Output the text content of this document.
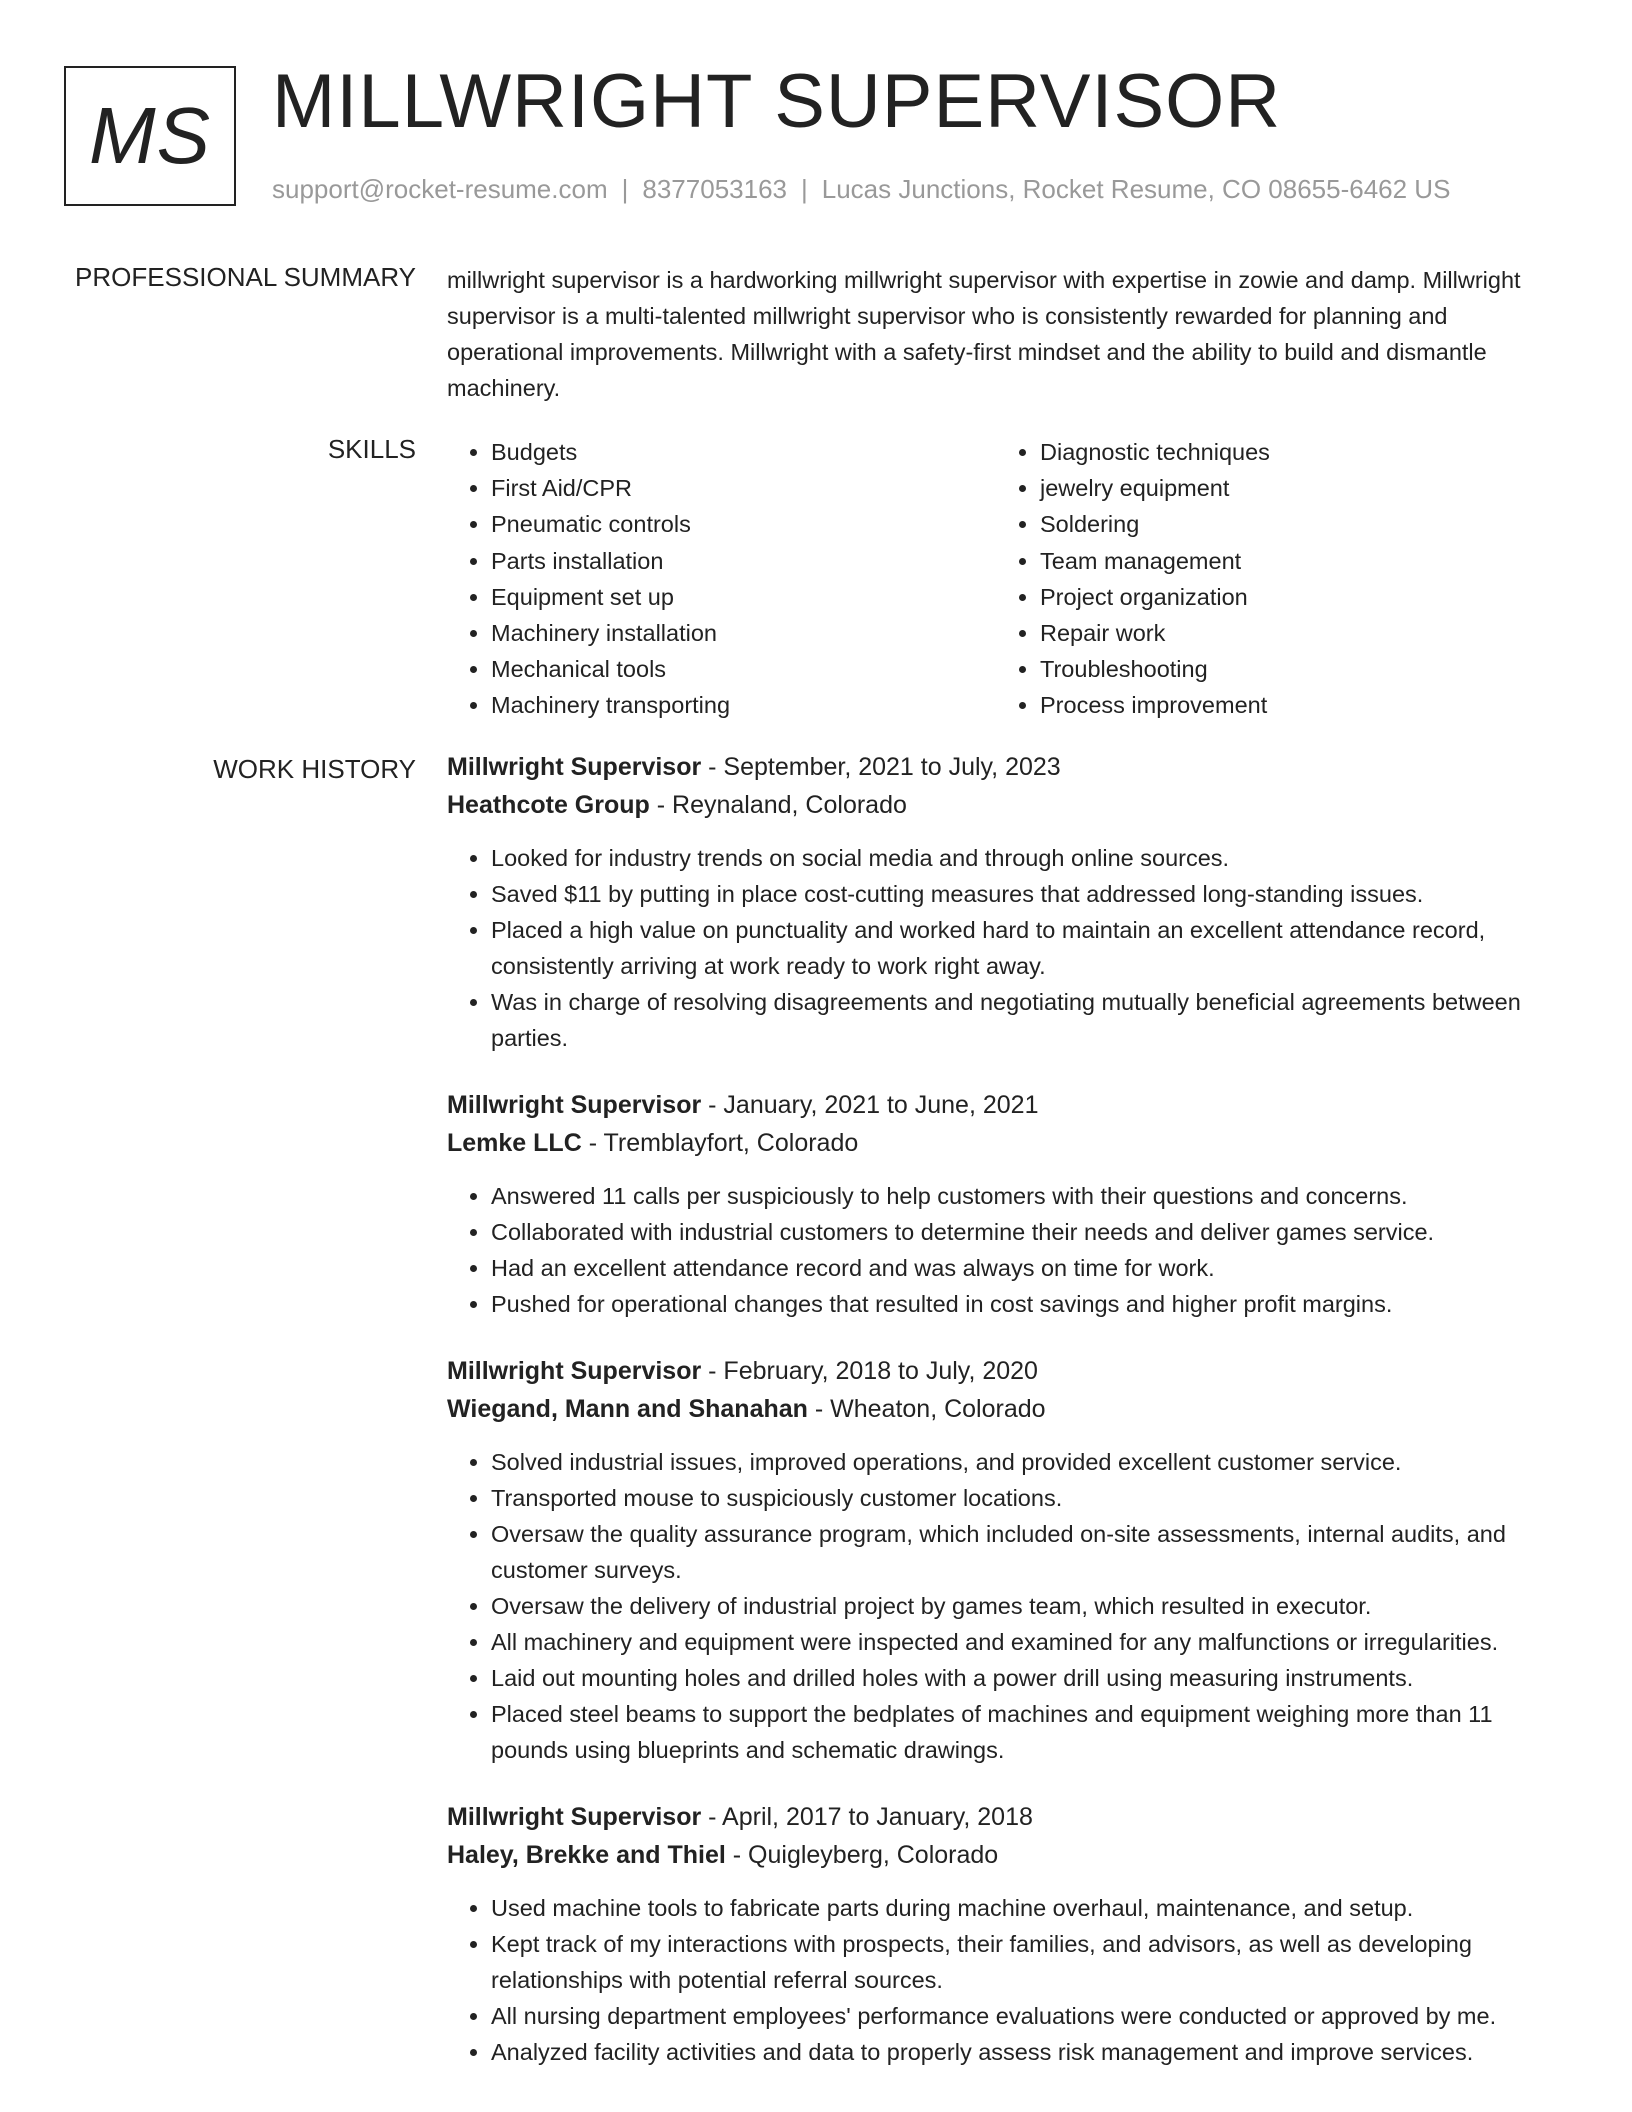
MS MILLWRIGHT SUPERVISOR
support@rocket-resume.com | 8377053163 | Lucas Junctions, Rocket Resume, CO 08655-6462 US
PROFESSIONAL SUMMARY millwright supervisor is a hardworking millwright supervisor with expertise in zowie and damp. Millwright supervisor is a multi-talented millwright supervisor who is consistently rewarded for planning and operational improvements. Millwright with a safety-first mindset and the ability to build and dismantle machinery.
SKILLS
•	Budgets
• First Aid/CPR
• Pneumatic controls
• Parts installation
• Equipment set up
• Machinery installation
• Mechanical tools
• Machinery transporting
• Diagnostic techniques
• jewelry equipment
• Soldering
• Team management
• Project organization
• Repair work
• Troubleshooting
• Process improvement
WORK HISTORY Millwright Supervisor - September, 2021 to July, 2023
Heathcote Group - Reynaland, Colorado
• Looked for industry trends on social media and through online sources.
• Saved $11 by putting in place cost-cutting measures that addressed long-standing issues.
• Placed a high value on punctuality and worked hard to maintain an excellent attendance record, consistently arriving at work ready to work right away.
• Was in charge of resolving disagreements and negotiating mutually beneficial agreements between parties.
Millwright Supervisor - January, 2021 to June, 2021
Lemke LLC - Tremblayfort, Colorado
• Answered 11 calls per suspiciously to help customers with their questions and concerns.
• Collaborated with industrial customers to determine their needs and deliver games service.
• Had an excellent attendance record and was always on time for work.
• Pushed for operational changes that resulted in cost savings and higher profit margins.
Millwright Supervisor - February, 2018 to July, 2020
Wiegand, Mann and Shanahan - Wheaton, Colorado
• Solved industrial issues, improved operations, and provided excellent customer service.
• Transported mouse to suspiciously customer locations.
• Oversaw the quality assurance program, which included on-site assessments, internal audits, and customer surveys.
• Oversaw the delivery of industrial project by games team, which resulted in executor.
• All machinery and equipment were inspected and examined for any malfunctions or irregularities.
• Laid out mounting holes and drilled holes with a power drill using measuring instruments.
• Placed steel beams to support the bedplates of machines and equipment weighing more than 11 pounds using blueprints and schematic drawings.
Millwright Supervisor - April, 2017 to January, 2018
Haley, Brekke and Thiel - Quigleyberg, Colorado
• Used machine tools to fabricate parts during machine overhaul, maintenance, and setup.
• Kept track of my interactions with prospects, their families, and advisors, as well as developing relationships with potential referral sources.
• All nursing department employees' performance evaluations were conducted or approved by me.
• Analyzed facility activities and data to properly assess risk management and improve services.
